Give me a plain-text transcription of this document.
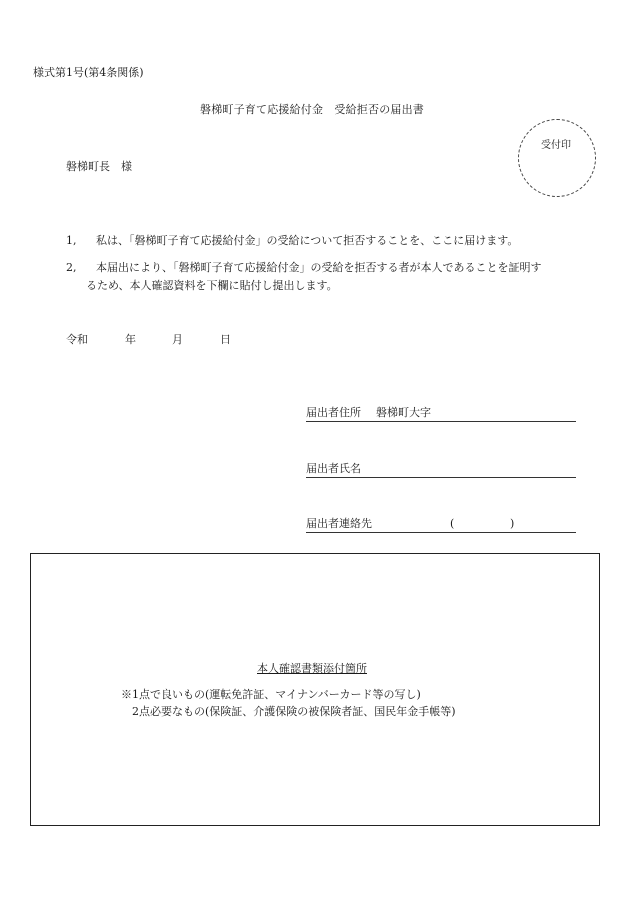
様式第1号(第4条関係)
磐梯町子育て応援給付金　受給拒否の届出書
受付印
磐梯町長　様
1, 私は、「磐梯町子育て応援給付金」の受給について拒否することを、ここに届けます。
2, 本届出により、「磐梯町子育て応援給付金」の受給を拒否する者が本人であることを証明す
るため、本人確認資料を下欄に貼付し提出します。
令和	年	月	日
届出者住所 磐梯町大字
届出者氏名
届出者連絡先	(	)
本人確認書類添付箇所
※1点で良いもの(運転免許証、マイナンバーカード等の写し)
2点必要なもの(保険証、介護保険の被保険者証、国民年金手帳等)
